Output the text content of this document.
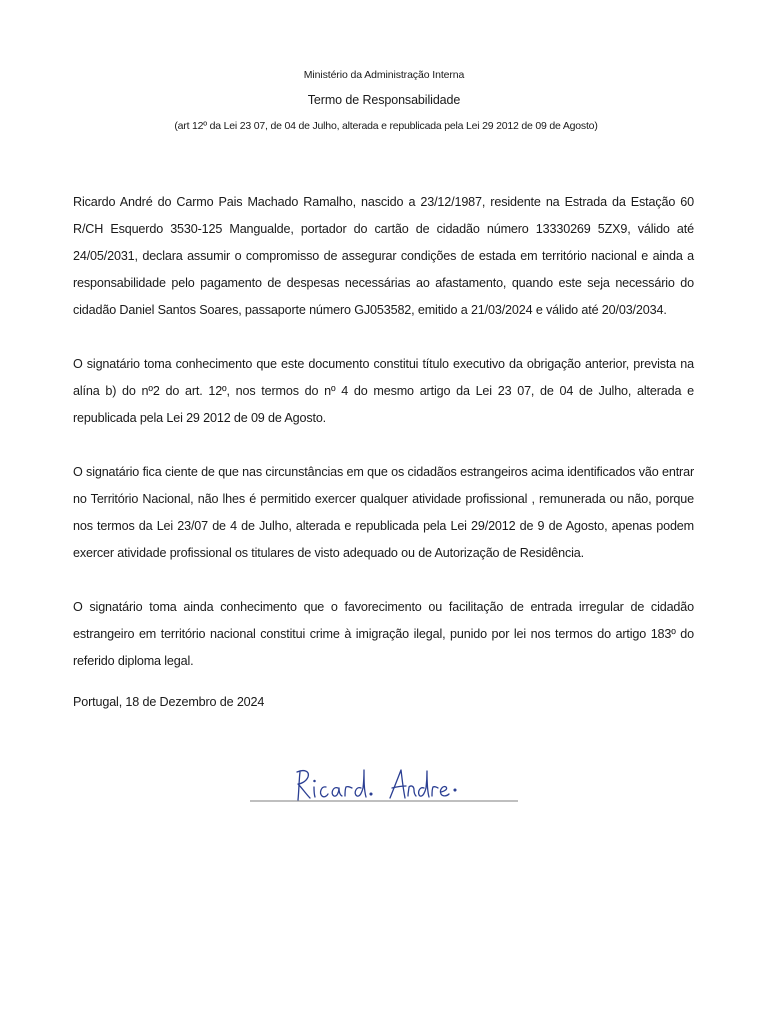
Ministério da Administração Interna
Termo de Responsabilidade
(art 12º da Lei 23 07, de 04 de Julho, alterada e republicada pela Lei 29 2012 de 09 de Agosto)

Ricardo André do Carmo Pais Machado Ramalho, nascido a 23/12/1987, residente na Estrada da Estação 60 R/CH Esquerdo 3530-125 Mangualde, portador do cartão de cidadão número 13330269 5ZX9, válido até 24/05/2031, declara assumir o compromisso de assegurar condições de estada em território nacional e ainda a responsabilidade pelo pagamento de despesas necessárias ao afastamento, quando este seja necessário do cidadão Daniel Santos Soares, passaporte número GJ053582, emitido a 21/03/2024 e válido até 20/03/2034.

O signatário toma conhecimento que este documento constitui título executivo da obrigação anterior, prevista na alína b) do nº2 do art. 12º, nos termos do nº 4 do mesmo artigo da Lei 23 07, de 04 de Julho, alterada e republicada pela Lei 29 2012 de 09 de Agosto.

O signatário fica ciente de que nas circunstâncias em que os cidadãos estrangeiros acima identificados vão entrar no Território Nacional, não lhes é permitido exercer qualquer atividade profissional , remunerada ou não, porque nos termos da Lei 23/07 de 4 de Julho, alterada e republicada pela Lei 29/2012 de 9 de Agosto, apenas podem exercer atividade profissional os titulares de visto adequado ou de Autorização de Residência.

O signatário toma ainda conhecimento que o favorecimento ou facilitação de entrada irregular de cidadão estrangeiro em território nacional constitui crime à imigração ilegal, punido por lei nos termos do artigo 183º do referido diploma legal.

Portugal, 18 de Dezembro de 2024
